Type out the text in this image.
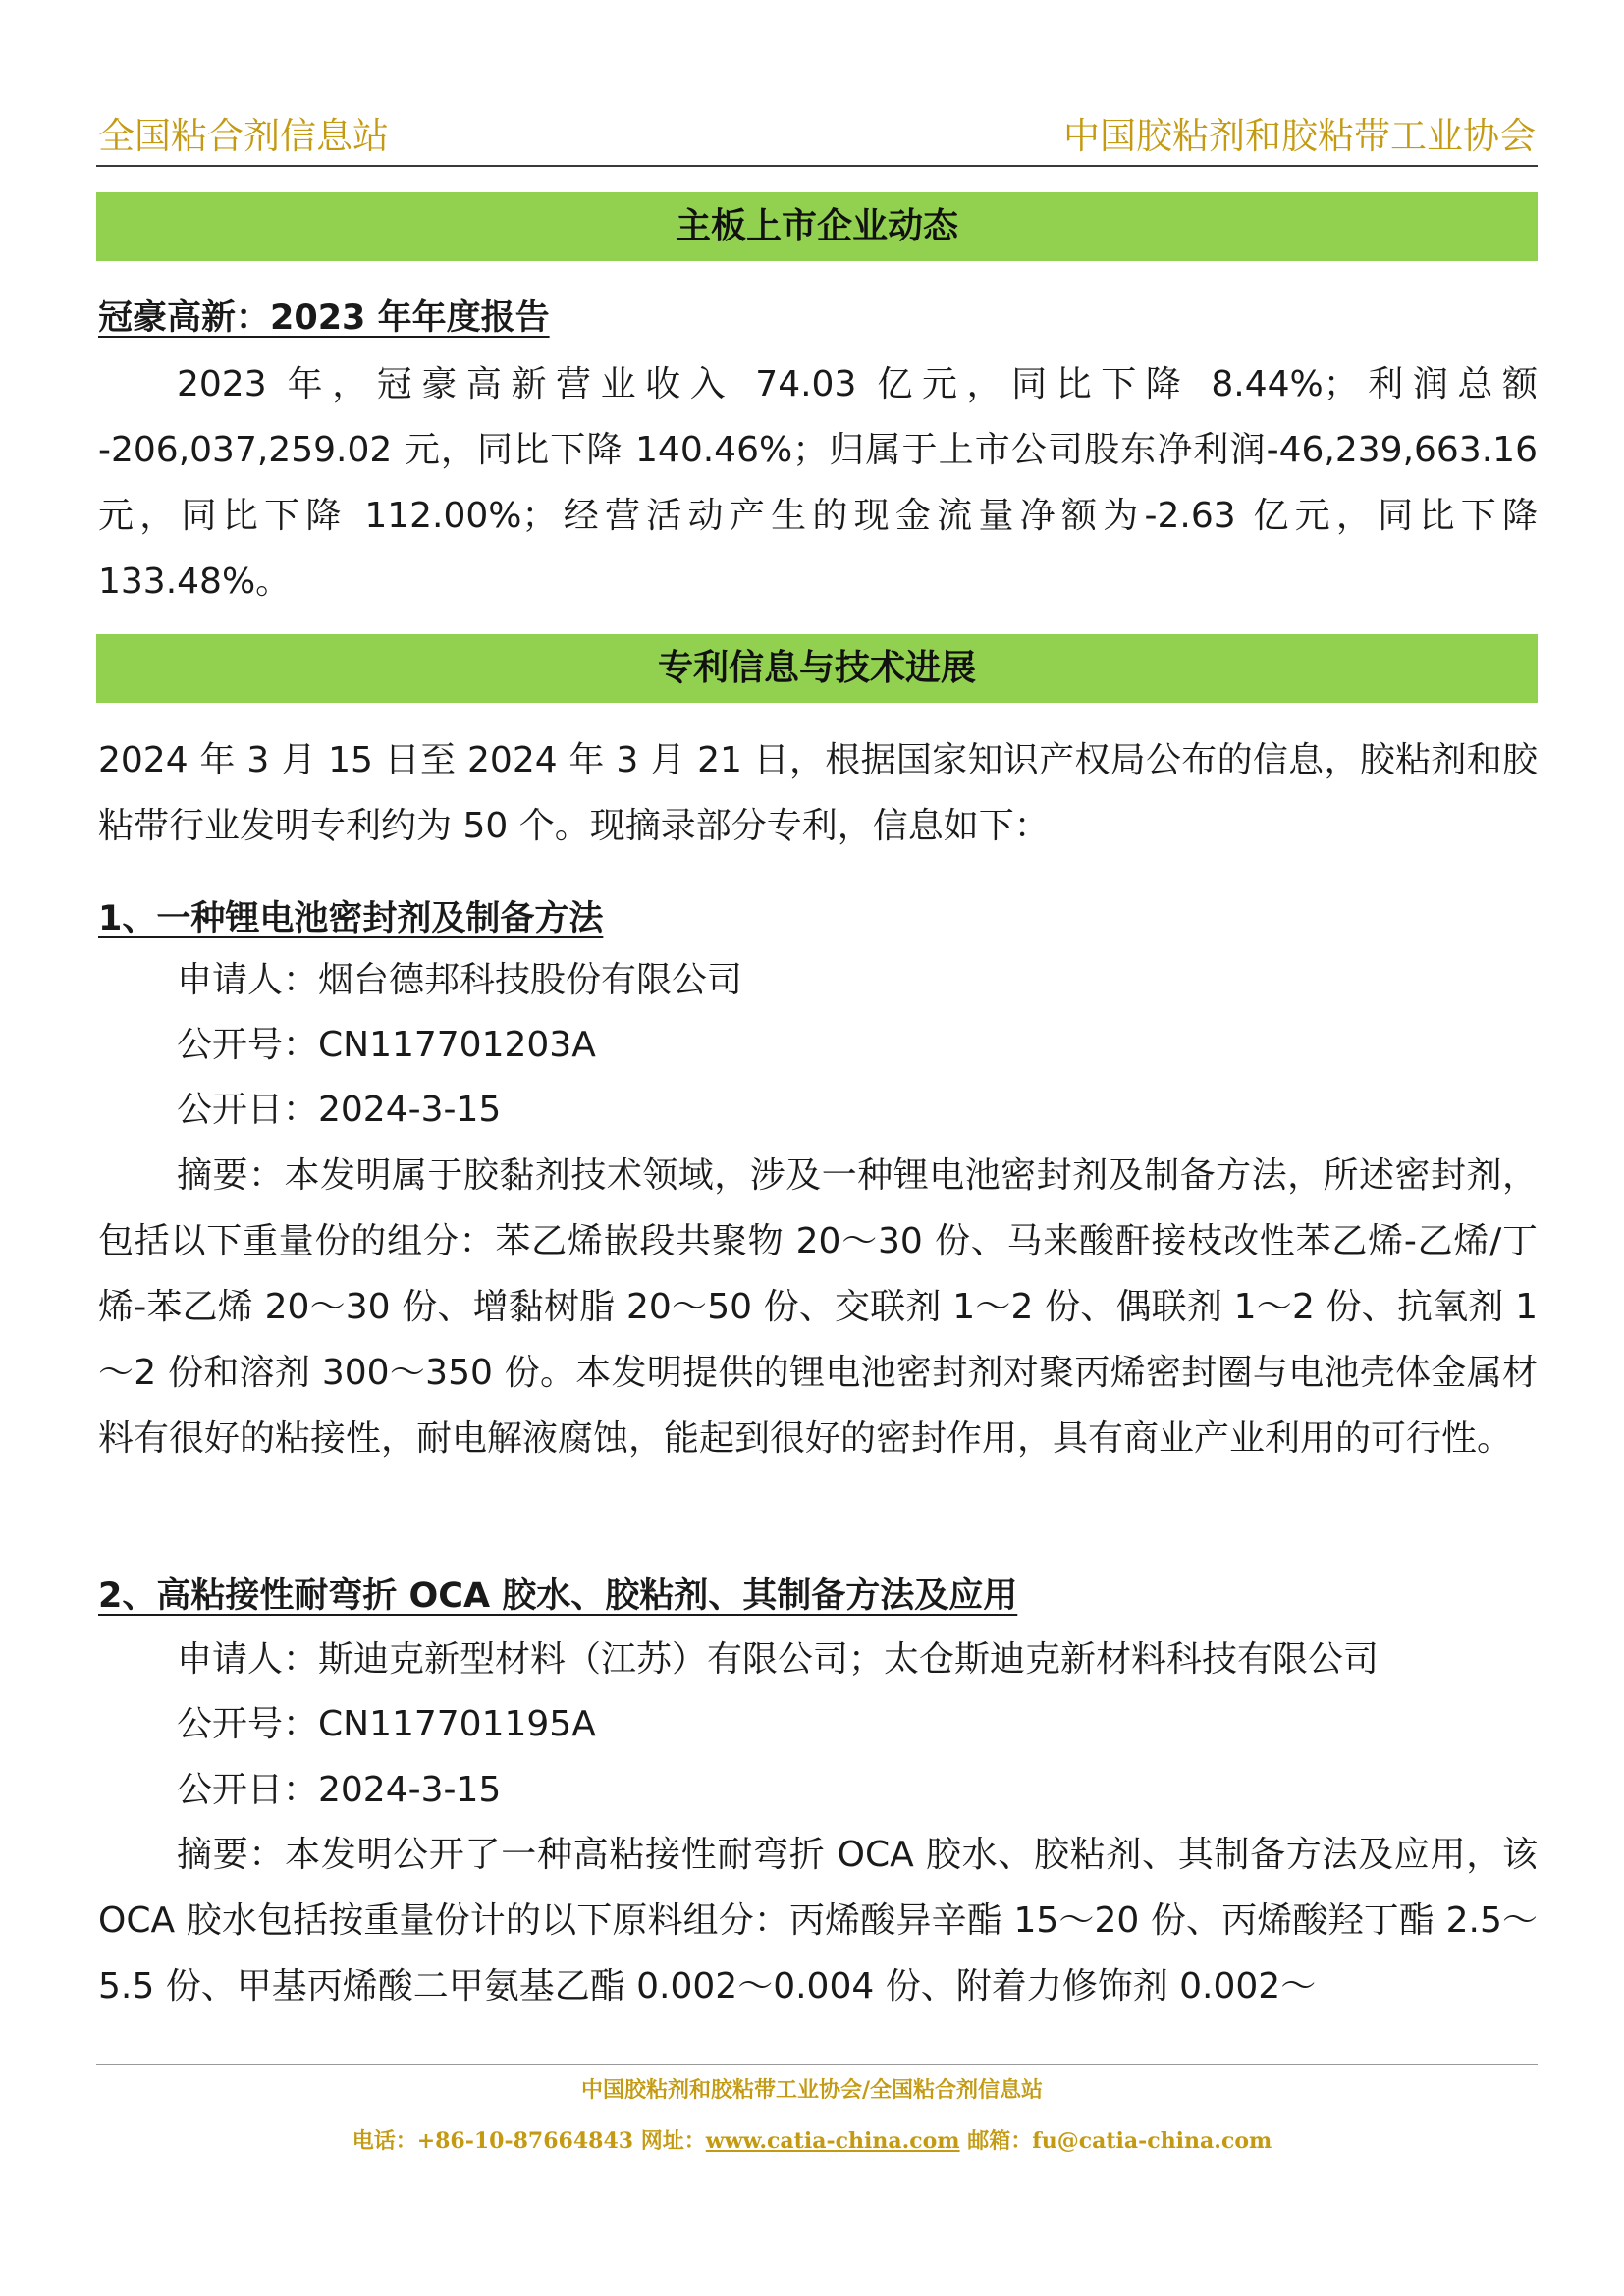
全国粘合剂信息站	中国胶粘剂和胶粘带工业协会
主板上市企业动态
冠豪高新：2023 年年度报告
2023 年，冠豪高新营业收入 74.03 亿元，同比下降 8.44%；利润总额 -206,037,259.02 元，同比下降 140.46%；归属于上市公司股东净利润-46,239,663.16 元，同比下降 112.00%；经营活动产生的现金流量净额为-2.63 亿元，同比下降 133.48%。
专利信息与技术进展
2024 年 3 月 15 日至 2024 年 3 月 21 日，根据国家知识产权局公布的信息，胶粘剂和胶粘带行业发明专利约为 50 个。现摘录部分专利，信息如下：
1、一种锂电池密封剂及制备方法
申请人：烟台德邦科技股份有限公司
公开号：CN117701203A
公开日：2024-3-15
摘要：本发明属于胶黏剂技术领域，涉及一种锂电池密封剂及制备方法，所述密封剂，包括以下重量份的组分：苯乙烯嵌段共聚物 20～30 份、马来酸酐接枝改性苯乙烯-乙烯/丁烯-苯乙烯 20～30 份、增黏树脂 20～50 份、交联剂 1～2 份、偶联剂 1～2 份、抗氧剂 1～2 份和溶剂 300～350 份。本发明提供的锂电池密封剂对聚丙烯密封圈与电池壳体金属材料有很好的粘接性，耐电解液腐蚀，能起到很好的密封作用，具有商业产业利用的可行性。
2、高粘接性耐弯折 OCA 胶水、胶粘剂、其制备方法及应用
申请人：斯迪克新型材料（江苏）有限公司；太仓斯迪克新材料科技有限公司
公开号：CN117701195A
公开日：2024-3-15
摘要：本发明公开了一种高粘接性耐弯折 OCA 胶水、胶粘剂、其制备方法及应用，该 OCA 胶水包括按重量份计的以下原料组分：丙烯酸异辛酯 15～20 份、丙烯酸羟丁酯 2.5～5.5 份、甲基丙烯酸二甲氨基乙酯 0.002～0.004 份、附着力修饰剂 0.002～
中国胶粘剂和胶粘带工业协会/全国粘合剂信息站
电话：+86-10-87664843 网址：www.catia-china.com 邮箱：fu@catia-china.com
